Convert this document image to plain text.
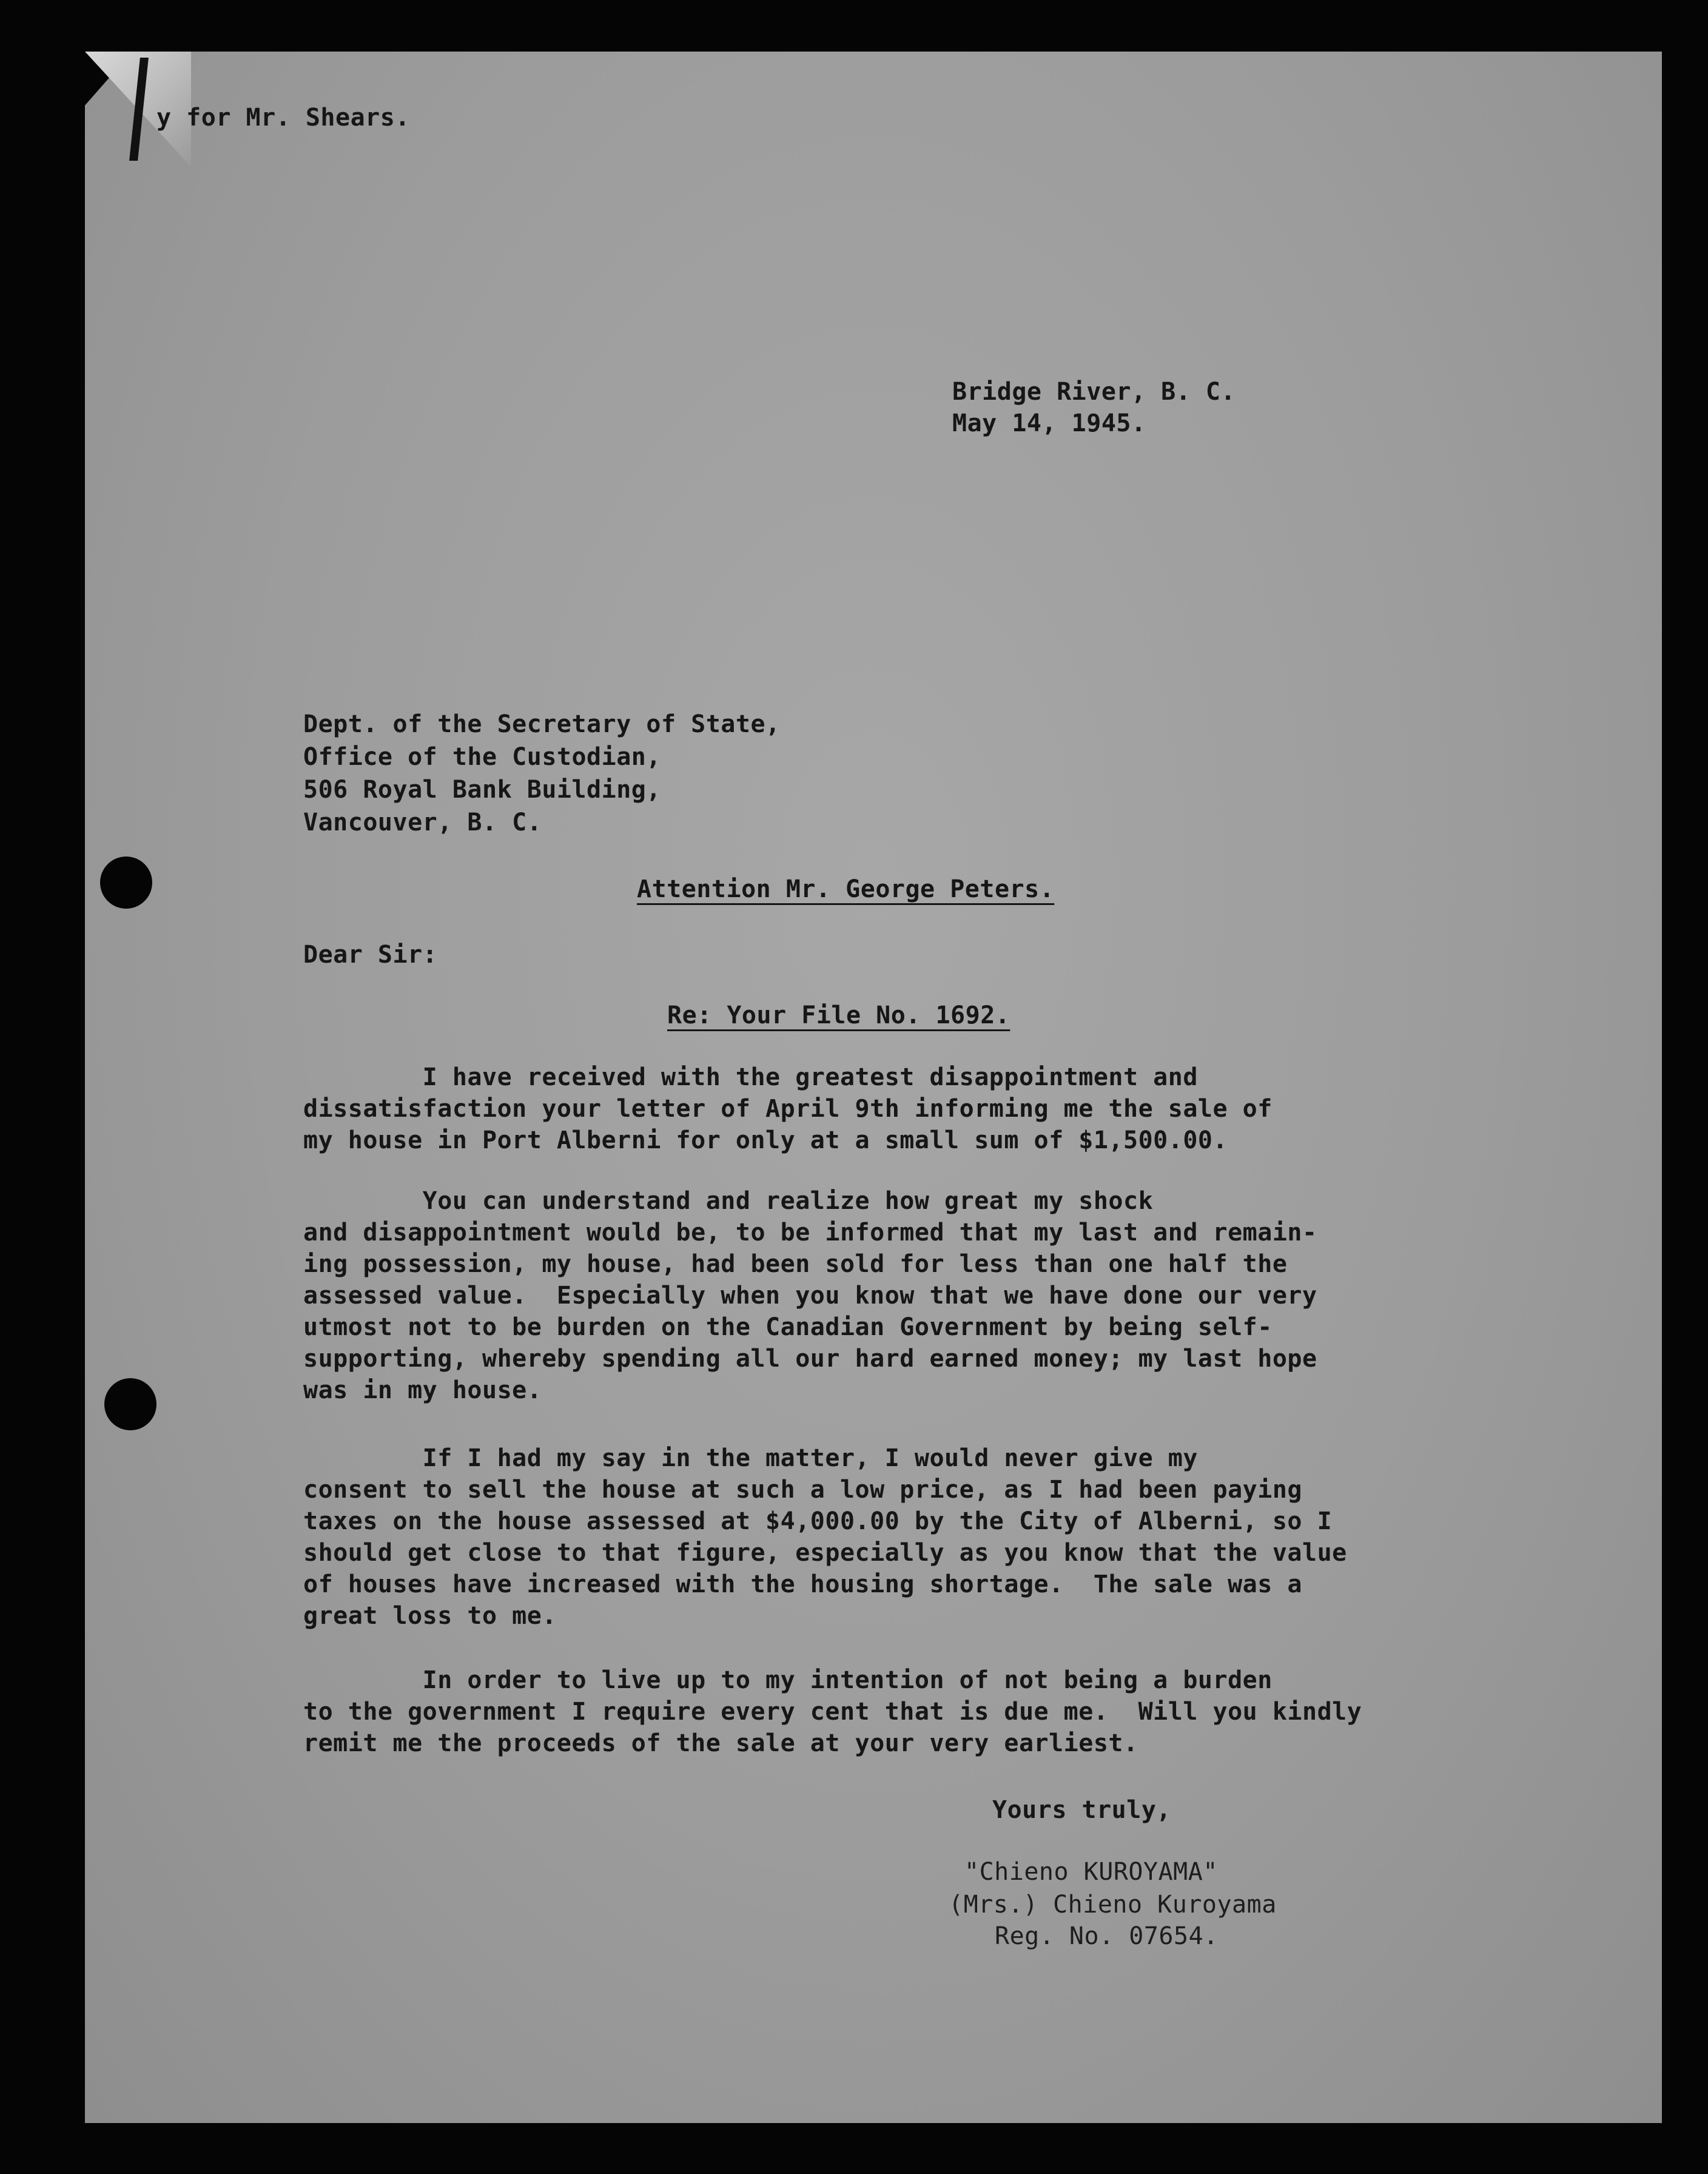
y for Mr. Shears.

Bridge River, B. C.

May 14, 1945.

Dept. of the Secretary of State,

Office of the Custodian,

506 Royal Bank Building,

Vancouver, B. C.

Attention Mr. George Peters.

Dear Sir:

Re: Your File No. 1692.

I have received with the greatest disappointment and

dissatisfaction your letter of April 9th informing me the sale of

my house in Port Alberni for only at a small sum of $1,500.00.

You can understand and realize how great my shock

and disappointment would be, to be informed that my last and remain-

ing possession, my house, had been sold for less than one half the

assessed value.  Especially when you know that we have done our very

utmost not to be burden on the Canadian Government by being self-

supporting, whereby spending all our hard earned money; my last hope

was in my house.

If I had my say in the matter, I would never give my

consent to sell the house at such a low price, as I had been paying

taxes on the house assessed at $4,000.00 by the City of Alberni, so I

should get close to that figure, especially as you know that the value

of houses have increased with the housing shortage.  The sale was a

great loss to me.

In order to live up to my intention of not being a burden

to the government I require every cent that is due me.  Will you kindly

remit me the proceeds of the sale at your very earliest.

Yours truly,

"Chieno KUROYAMA"

(Mrs.) Chieno Kuroyama

Reg. No. 07654.
